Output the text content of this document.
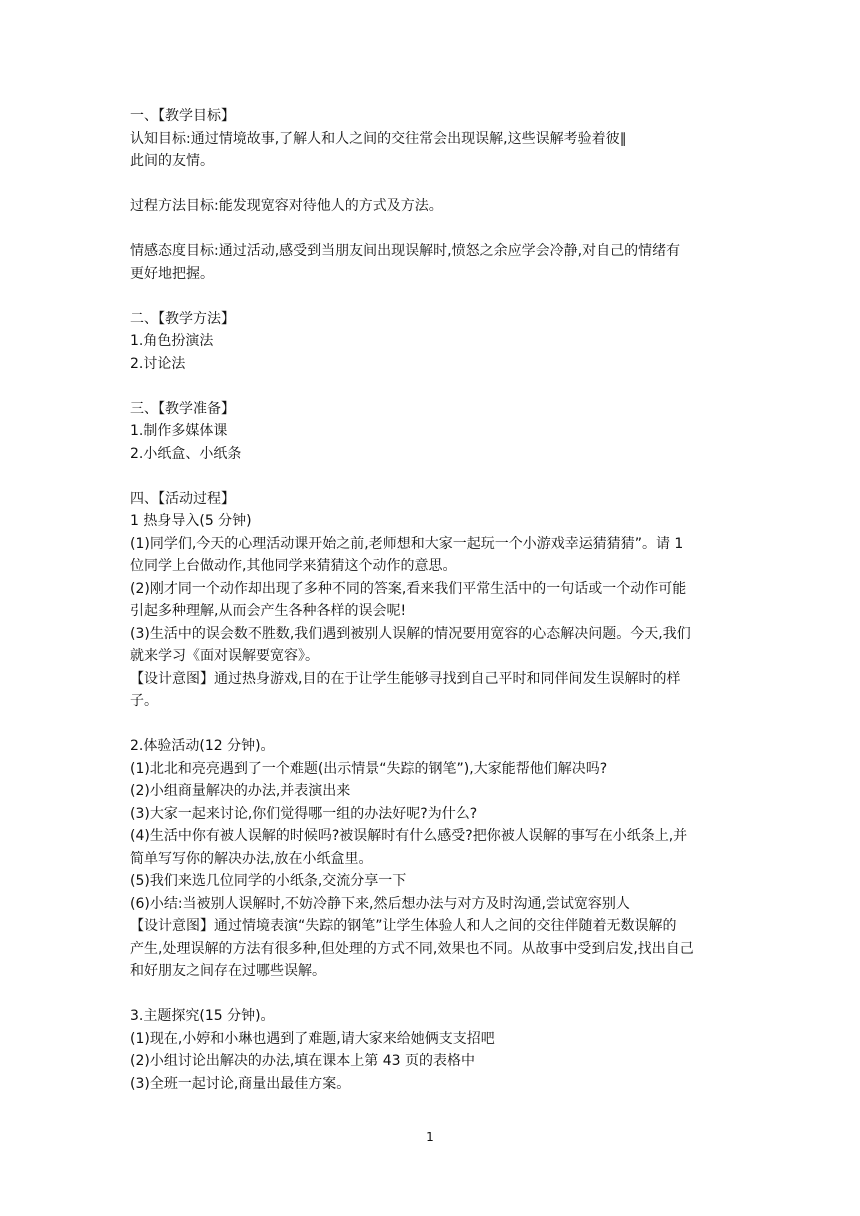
一、【教学目标】
认知目标:通过情境故事,了解人和人之间的交往常会出现误解,这些误解考验着彼∥
此间的友情。
过程方法目标:能发现宽容对待他人的方式及方法。
情感态度目标:通过活动,感受到当朋友间出现误解时,愤怒之余应学会冷静,对自己的情绪有
更好地把握。
二、【教学方法】
1.角色扮演法
2.讨论法
三、【教学准备】
1.制作多媒体课
2.小纸盒、小纸条
四、【活动过程】
1 热身导入(5 分钟)
(1)同学们,今天的心理活动课开始之前,老师想和大家一起玩一个小游戏幸运猜猜猜”。请 1
位同学上台做动作,其他同学来猜猜这个动作的意思。
(2)刚才同一个动作却出现了多种不同的答案,看来我们平常生活中的一句话或一个动作可能
引起多种理解,从而会产生各种各样的误会呢!
(3)生活中的误会数不胜数,我们遇到被别人误解的情况要用宽容的心态解决问题。今天,我们
就来学习《面对误解要宽容》。
【设计意图】通过热身游戏,目的在于让学生能够寻找到自己平时和同伴间发生误解时的样
子。
2.体验活动(12 分钟)。
(1)北北和亮亮遇到了一个难题(出示情景“失踪的钢笔”),大家能帮他们解决吗?
(2)小组商量解决的办法,并表演出来
(3)大家一起来讨论,你们觉得哪一组的办法好呢?为什么?
(4)生活中你有被人误解的时候吗?被误解时有什么感受?把你被人误解的事写在小纸条上,并
简单写写你的解决办法,放在小纸盒里。
(5)我们来选几位同学的小纸条,交流分享一下
(6)小结:当被别人误解时,不妨冷静下来,然后想办法与对方及时沟通,尝试宽容别人
【设计意图】通过情境表演“失踪的钢笔”让学生体验人和人之间的交往伴随着无数误解的
产生,处理误解的方法有很多种,但处理的方式不同,效果也不同。从故事中受到启发,找出自己
和好朋友之间存在过哪些误解。
3.主题探究(15 分钟)。
(1)现在,小婷和小琳也遇到了难题,请大家来给她俩支支招吧
(2)小组讨论出解决的办法,填在课本上第 43 页的表格中
(3)全班一起讨论,商量出最佳方案。
1
